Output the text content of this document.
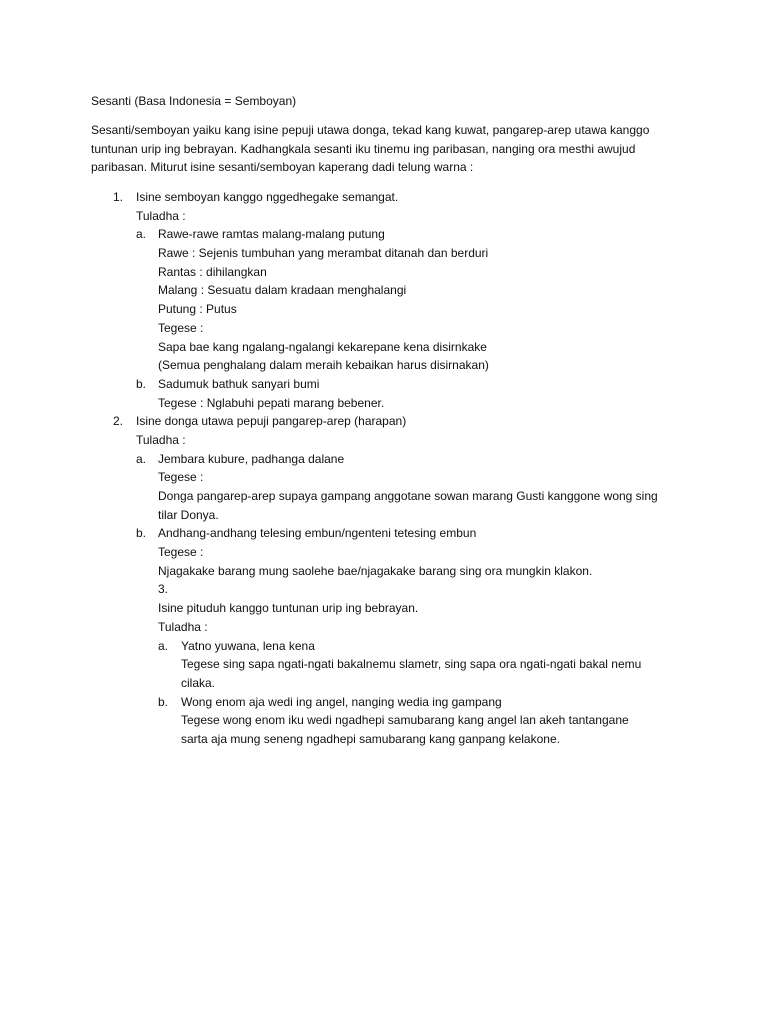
Sesanti (Basa Indonesia = Semboyan)
Sesanti/semboyan yaiku kang isine pepuji utawa donga, tekad kang kuwat, pangarep-arep utawa kanggo
tuntunan urip ing bebrayan. Kadhangkala sesanti iku tinemu ing paribasan, nanging ora mesthi awujud
paribasan. Miturut isine sesanti/semboyan kaperang dadi telung warna :
1. Isine semboyan kanggo nggedhegake semangat.
Tuladha :
a. Rawe-rawe ramtas malang-malang putung
Rawe : Sejenis tumbuhan yang merambat ditanah dan berduri
Rantas : dihilangkan
Malang : Sesuatu dalam kradaan menghalangi
Putung : Putus
Tegese :
Sapa bae kang ngalang-ngalangi kekarepane kena disirnkake
(Semua penghalang dalam meraih kebaikan harus disirnakan)
b. Sadumuk bathuk sanyari bumi
Tegese : Nglabuhi pepati marang bebener.
2. Isine donga utawa pepuji pangarep-arep (harapan)
Tuladha :
a. Jembara kubure, padhanga dalane
Tegese :
Donga pangarep-arep supaya gampang anggotane sowan marang Gusti kanggone wong sing
tilar Donya.
b. Andhang-andhang telesing embun/ngenteni tetesing embun
Tegese :
Njagakake barang mung saolehe bae/njagakake barang sing ora mungkin klakon.
3.
Isine pituduh kanggo tuntunan urip ing bebrayan.
Tuladha :
a. Yatno yuwana, lena kena
Tegese sing sapa ngati-ngati bakalnemu slametr, sing sapa ora ngati-ngati bakal nemu
cilaka.
b. Wong enom aja wedi ing angel, nanging wedia ing gampang
Tegese wong enom iku wedi ngadhepi samubarang kang angel lan akeh tantangane
sarta aja mung seneng ngadhepi samubarang kang ganpang kelakone.
